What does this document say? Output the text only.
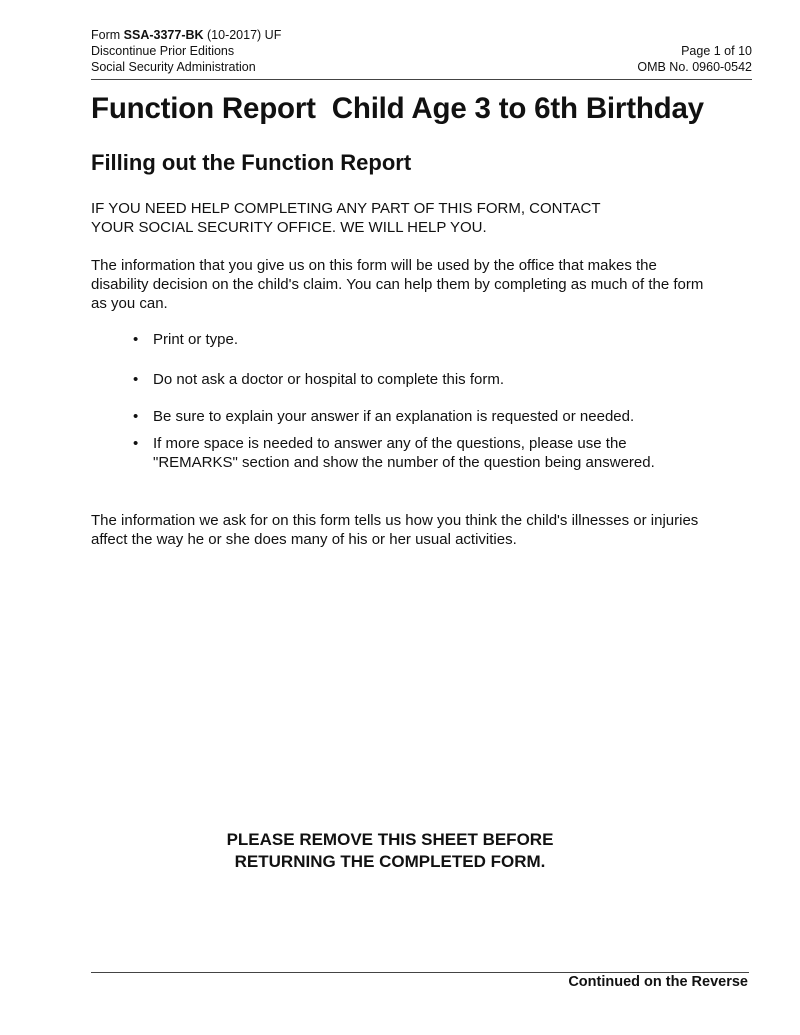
Form SSA-3377-BK (10-2017) UF
Discontinue Prior Editions
Social Security Administration
Page 1 of 10
OMB No. 0960-0542
Function Report  Child Age 3 to 6th Birthday
Filling out the Function Report

IF YOU NEED HELP COMPLETING ANY PART OF THIS FORM, CONTACT
YOUR SOCIAL SECURITY OFFICE. WE WILL HELP YOU.

The information that you give us on this form will be used by the office that makes the disability decision on the child's claim. You can help them by completing as much of the form as you can.

• Print or type.
• Do not ask a doctor or hospital to complete this form.
• Be sure to explain your answer if an explanation is requested or needed.
• If more space is needed to answer any of the questions, please use the "REMARKS" section and show the number of the question being answered.

The information we ask for on this form tells us how you think the child's illnesses or injuries affect the way he or she does many of his or her usual activities.

PLEASE REMOVE THIS SHEET BEFORE
RETURNING THE COMPLETED FORM.

Continued on the Reverse
